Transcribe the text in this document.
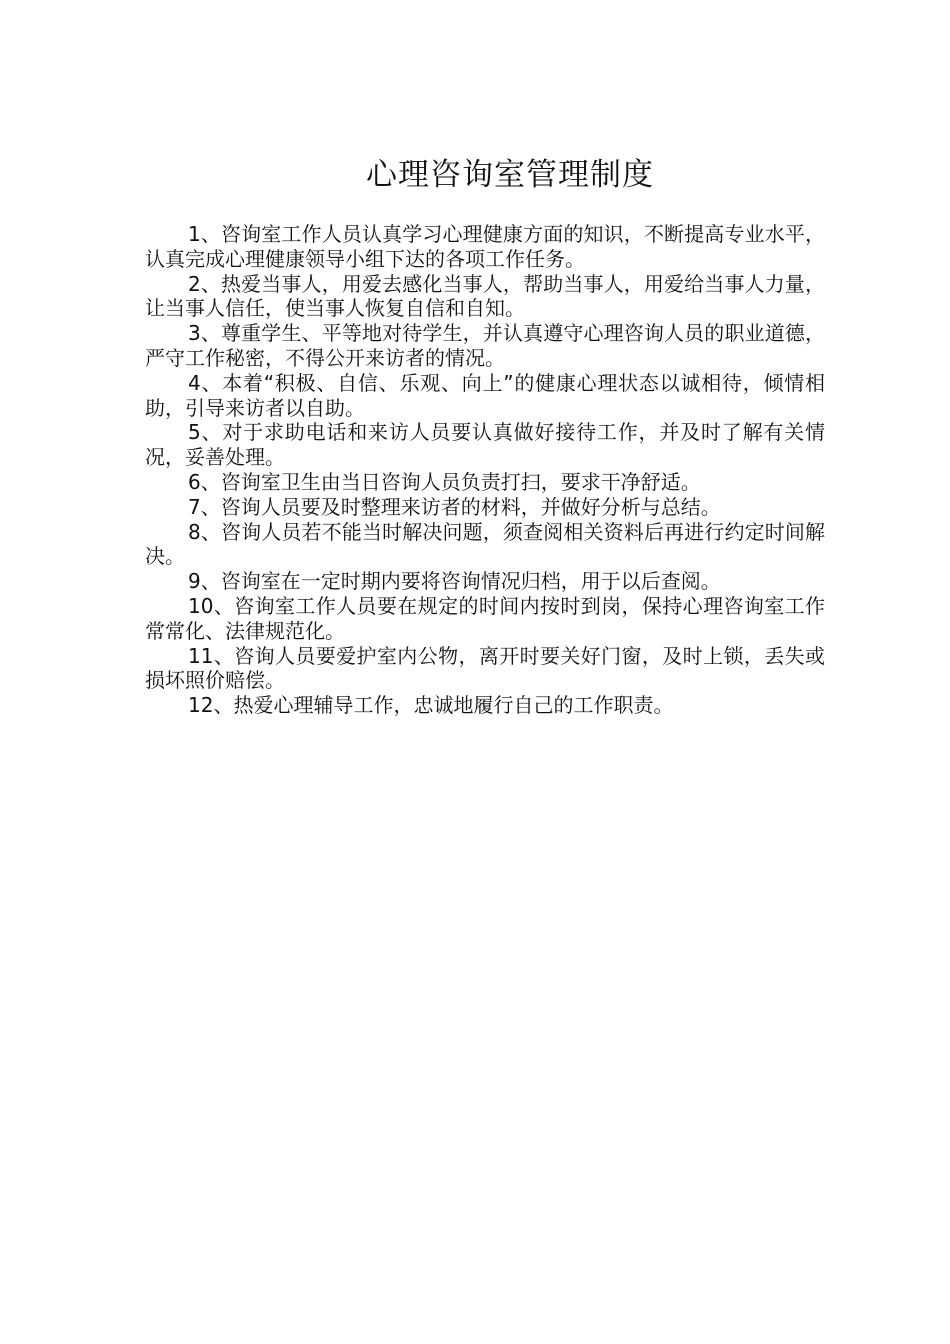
心理咨询室管理制度

1、咨询室工作人员认真学习心理健康方面的知识，不断提高专业水平，认真完成心理健康领导小组下达的各项工作任务。

2、热爱当事人，用爱去感化当事人，帮助当事人，用爱给当事人力量，让当事人信任，使当事人恢复自信和自知。

3、尊重学生、平等地对待学生，并认真遵守心理咨询人员的职业道德，严守工作秘密，不得公开来访者的情况。

4、本着“积极、自信、乐观、向上”的健康心理状态以诚相待，倾情相助，引导来访者以自助。

5、对于求助电话和来访人员要认真做好接待工作，并及时了解有关情况，妥善处理。

6、咨询室卫生由当日咨询人员负责打扫，要求干净舒适。

7、咨询人员要及时整理来访者的材料，并做好分析与总结。

8、咨询人员若不能当时解决问题，须查阅相关资料后再进行约定时间解决。

9、咨询室在一定时期内要将咨询情况归档，用于以后查阅。

10、咨询室工作人员要在规定的时间内按时到岗，保持心理咨询室工作常常化、法律规范化。

11、咨询人员要爱护室内公物，离开时要关好门窗，及时上锁，丢失或损坏照价赔偿。

12、热爱心理辅导工作，忠诚地履行自己的工作职责。
